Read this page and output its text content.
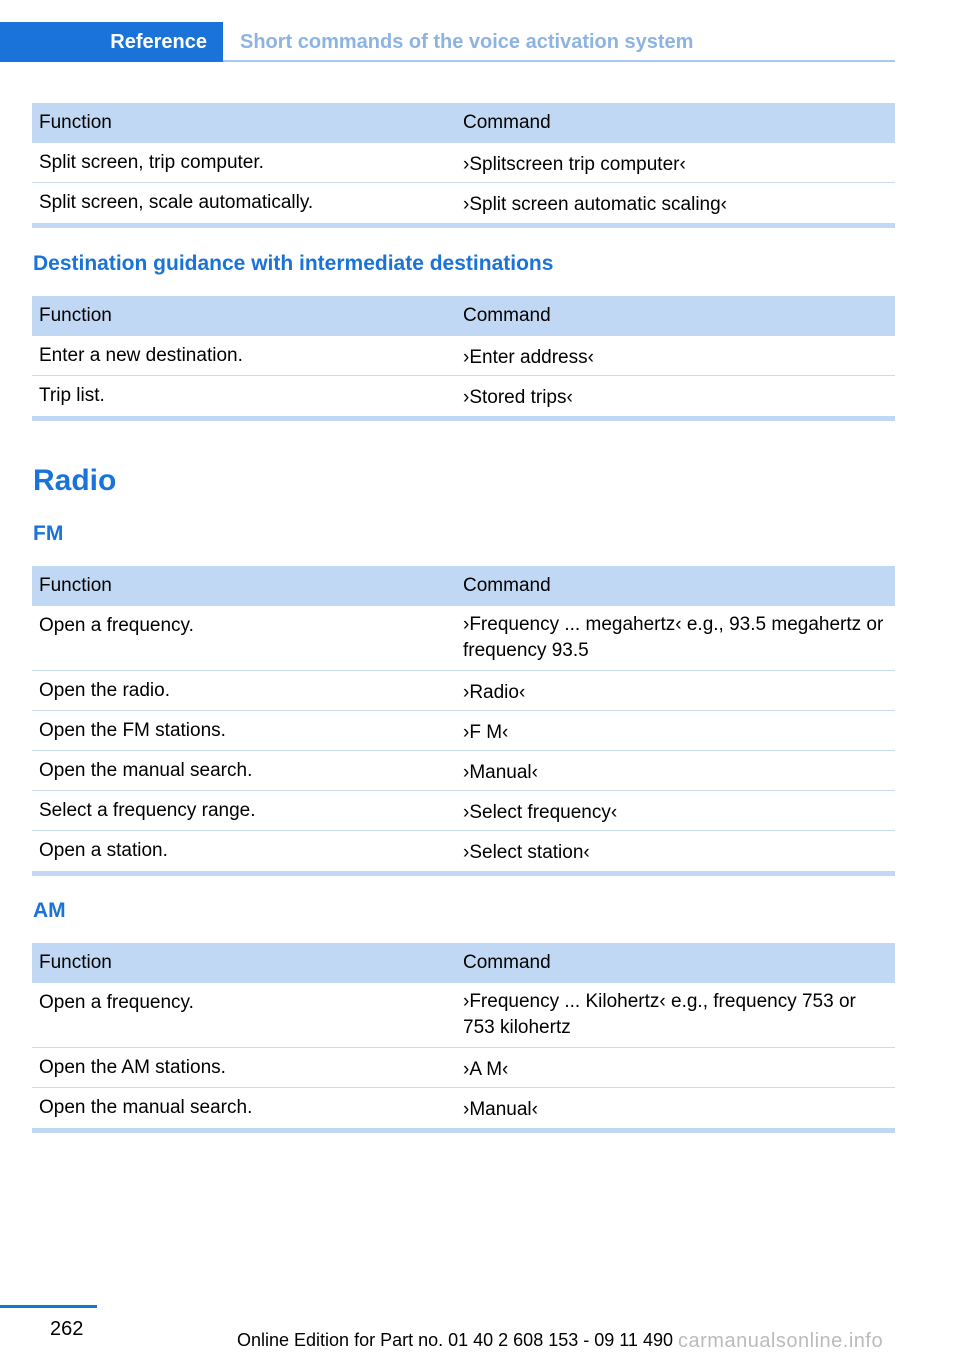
Reference	Short commands of the voice activation system
Function	Command
Split screen, trip computer.	›Splitscreen trip computer‹
Split screen, scale automatically.	›Split screen automatic scaling‹
Destination guidance with intermediate destinations
Function	Command
Enter a new destination.	›Enter address‹
Trip list.	›Stored trips‹
Radio
FM
Function	Command
Open a frequency.	›Frequency ... megahertz‹ e.g., 93.5 megahertz or frequency 93.5
Open the radio.	›Radio‹
Open the FM stations.	›F M‹
Open the manual search.	›Manual‹
Select a frequency range.	›Select frequency‹
Open a station.	›Select station‹
AM
Function	Command
Open a frequency.	›Frequency ... Kilohertz‹ e.g., frequency 753 or 753 kilohertz
Open the AM stations.	›A M‹
Open the manual search.	›Manual‹
262	Online Edition for Part no. 01 40 2 608 153 - 09 11 490 carmanualsonline.info
